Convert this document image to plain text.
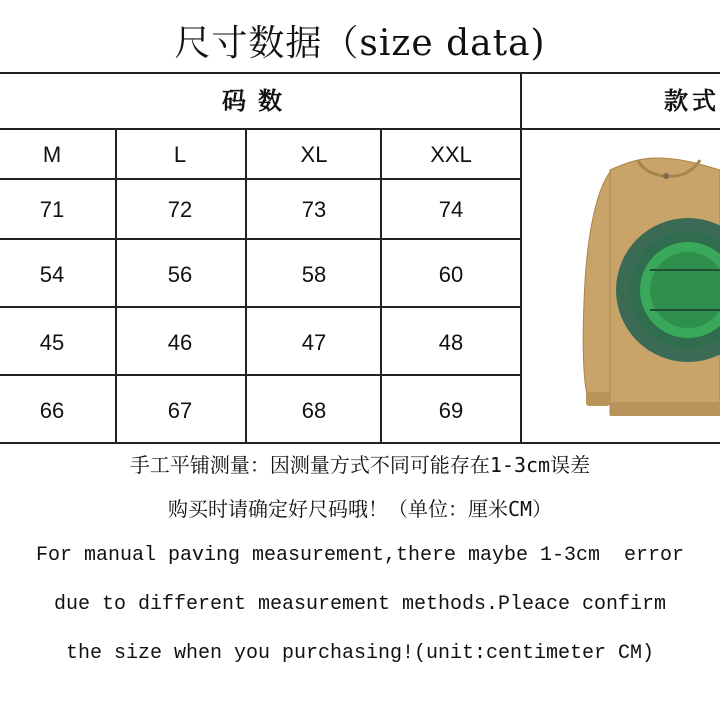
尺寸数据（size data)
码数	款式
M	L	XL	XXL
71	72	73	74
54	56	58	60
45	46	47	48
66	67	68	69
手工平铺测量：因测量方式不同可能存在1-3cm误差
购买时请确定好尺码哦！（单位：厘米CM）
For manual paving measurement,there maybe 1-3cm  error
due to different measurement methods.Pleace confirm
the size when you purchasing!(unit:centimeter CM)
